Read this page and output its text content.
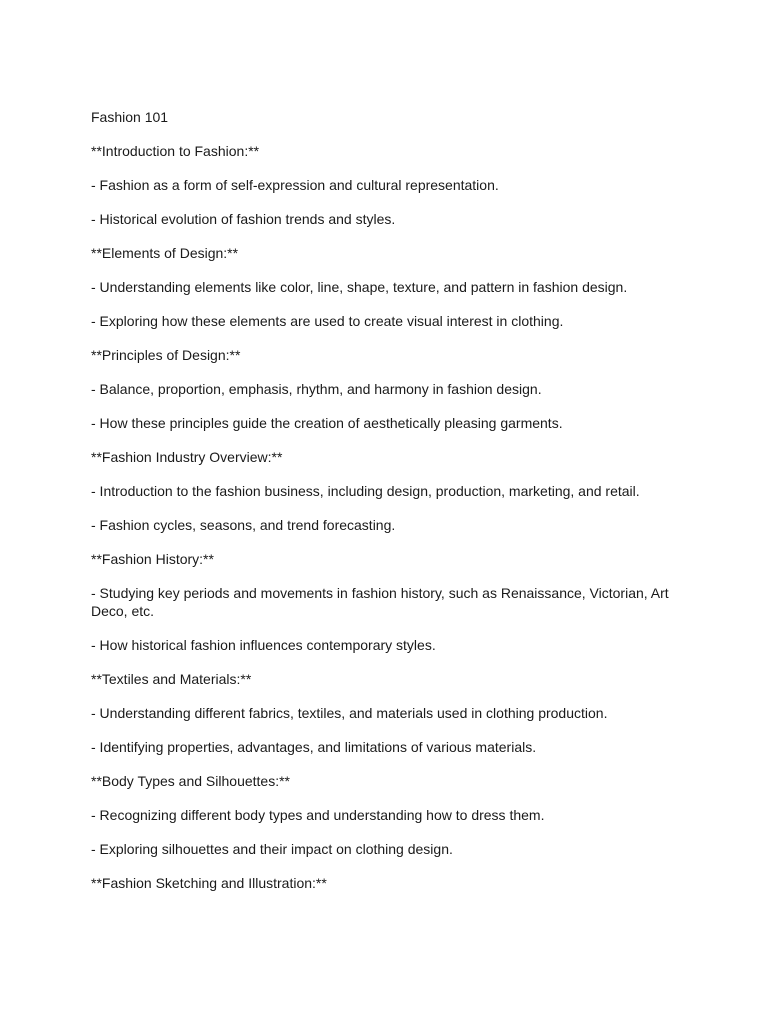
Fashion 101

**Introduction to Fashion:**

- Fashion as a form of self-expression and cultural representation.

- Historical evolution of fashion trends and styles.

**Elements of Design:**

- Understanding elements like color, line, shape, texture, and pattern in fashion design.

- Exploring how these elements are used to create visual interest in clothing.

**Principles of Design:**

- Balance, proportion, emphasis, rhythm, and harmony in fashion design.

- How these principles guide the creation of aesthetically pleasing garments.

**Fashion Industry Overview:**

- Introduction to the fashion business, including design, production, marketing, and retail.

- Fashion cycles, seasons, and trend forecasting.

**Fashion History:**

- Studying key periods and movements in fashion history, such as Renaissance, Victorian, Art Deco, etc.

- How historical fashion influences contemporary styles.

**Textiles and Materials:**

- Understanding different fabrics, textiles, and materials used in clothing production.

- Identifying properties, advantages, and limitations of various materials.

**Body Types and Silhouettes:**

- Recognizing different body types and understanding how to dress them.

- Exploring silhouettes and their impact on clothing design.

**Fashion Sketching and Illustration:**
